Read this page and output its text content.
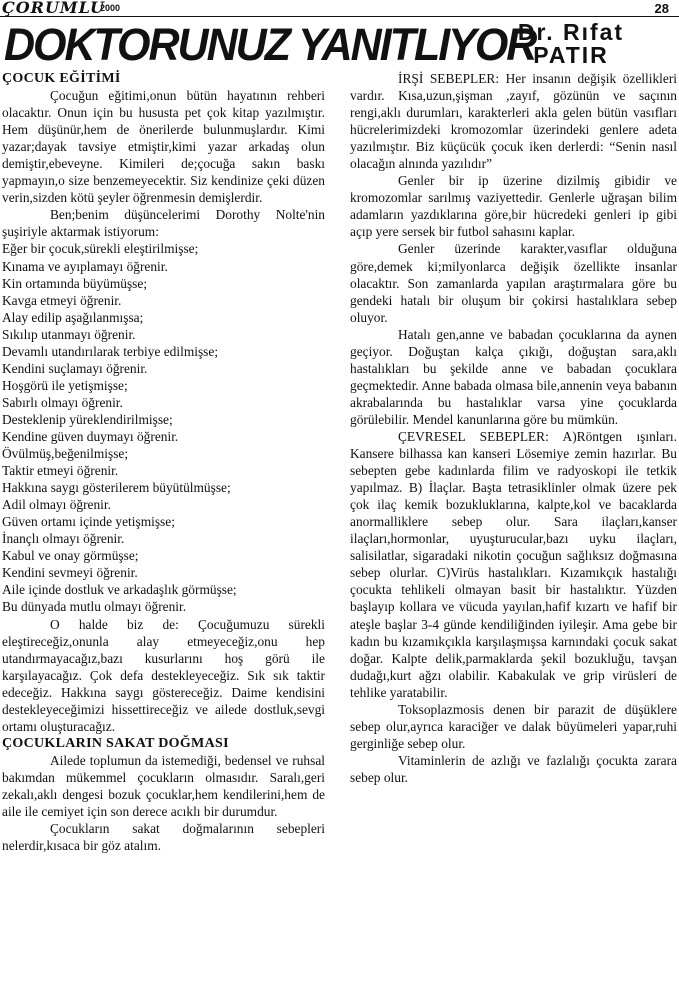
ÇORUMLU
2000	28
DOKTORUNUZ YANITLIYOR
Dr. Rıfat
PATIR
ÇOCUK EĞİTİMİ

Çocuğun eğitimi,onun bütün hayatının rehberi olacaktır. Onun için bu hususta pet çok kitap yazılmıştır. Hem düşünür,hem de önerilerde bulunmuşlardır. Kimi yazar;dayak tavsiye etmiştir,kimi yazar arkadaş olun demiştir,ebeveyne. Kimileri de;çocuğa sakın baskı yapmayın,o size benzemeyecektir. Siz kendinize çeki düzen verin,sizden kötü şeyler öğrenmesin demişlerdir.

Ben;benim düşüncelerimi Dorothy Nolte'nin şuşiriyle aktarmak istiyorum:

Eğer bir çocuk,sürekli eleştirilmişse;
Kınama ve ayıplamayı öğrenir.
Kin ortamında büyümüşse;
Kavga etmeyi öğrenir.
Alay edilip aşağılanmışsa;
Sıkılıp utanmayı öğrenir.
Devamlı utandırılarak terbiye edilmişse;
Kendini suçlamayı öğrenir.
Hoşgörü ile yetişmişse;
Sabırlı olmayı öğrenir.
Desteklenip yüreklendirilmişse;
Kendine güven duymayı öğrenir.
Övülmüş,beğenilmişse;
Taktir etmeyi öğrenir.
Hakkına saygı gösterilerem büyütülmüşse;
Adil olmayı öğrenir.
Güven ortamı içinde yetişmişse;
İnançlı olmayı öğrenir.
Kabul ve onay görmüşse;
Kendini sevmeyi öğrenir.
Aile içinde dostluk ve arkadaşlık görmüşse;
Bu dünyada mutlu olmayı öğrenir.

O halde biz de: Çocuğumuzu sürekli eleştireceğiz,onunla alay etmeyeceğiz,onu hep utandırmayacağız,bazı kusurlarını hoş görü ile karşılayacağız. Çok defa destekleyeceğiz. Sık sık taktir edeceğiz. Hakkına saygı göstereceğiz. Daime kendisini destekleyeceğimizi hissettireceğiz ve ailede dostluk,sevgi ortamı oluşturacağız.

ÇOCUKLARIN SAKAT DOĞMASI

Ailede toplumun da istemediği, bedensel ve ruhsal bakımdan mükemmel çocukların olmasıdır. Saralı,geri zekalı,aklı dengesi bozuk çocuklar,hem kendilerini,hem de aile ile cemiyet için son derece acıklı bir durumdur.

Çocukların sakat doğmalarının sebepleri nelerdir,kısaca bir göz atalım.

İRŞİ SEBEPLER: Her insanın değişik özellikleri vardır. Kısa,uzun,şişman ,zayıf, gözünün ve saçının rengi,aklı durumları, karakterleri akla gelen bütün vasıfları hücrelerimizdeki kromozomlar üzerindeki genlere adeta yazılmıştır. Biz küçücük çocuk iken derlerdi: “Senin nasıl olacağın alnında yazılıdır”

Genler bir ip üzerine dizilmiş gibidir ve kromozomlar sarılmış vaziyettedir. Genlerle uğraşan bilim adamların yazdıklarına göre,bir hücredeki genleri ip gibi açıp yere sersek bir futbol sahasını kaplar.

Genler üzerinde karakter,vasıflar olduğuna göre,demek ki;milyonlarca değişik özellikte insanlar olacaktır. Son zamanlarda yapılan araştırmalara göre bu gendeki hatalı bir oluşum bir çokirsi hastalıklara sebep oluyor.

Hatalı gen,anne ve babadan çocuklarına da aynen geçiyor. Doğuştan kalça çıkığı, doğuştan sara,aklı hastalıkları bu şekilde anne ve babadan çocuklara geçmektedir. Anne babada olmasa bile,annenin veya babanın akrabalarında bu hastalıklar varsa yine çocuklarda görülebilir. Mendel kanunlarına göre bu mümkün.

ÇEVRESEL SEBEPLER: A)Röntgen ışınları. Kansere bilhassa kan kanseri Lösemiye zemin hazırlar. Bu sebepten gebe kadınlarda filim ve radyoskopi ile tetkik yapılmaz. B) İlaçlar. Başta tetrasiklinler olmak üzere pek çok ilaç kemik bozukluklarına, kalpte,kol ve bacaklarda anormalliklere sebep olur. Sara ilaçları,kanser ilaçları,hormonlar, uyuşturucular,bazı uyku ilaçları, salisilatlar, sigaradaki nikotin çocuğun sağlıksız doğmasına sebep olurlar. C)Virüs hastalıkları. Kızamıkçık hastalığı çocukta tehlikeli olmayan basit bir hastalıktır. Yüzden başlayıp kollara ve vücuda yayılan,hafif kızartı ve hafif bir ateşle başlar 3-4 günde kendiliğinden iyileşir. Ama gebe bir kadın bu kızamıkçıkla karşılaşmışsa karnındaki çocuk sakat doğar. Kalpte delik,parmaklarda şekil bozukluğu, tavşan dudağı,kurt ağzı olabilir. Kabakulak ve grip virüsleri de tehlike yaratabilir.

Toksoplazmosis denen bir parazit de düşüklere sebep olur,ayrıca karaciğer ve dalak büyümeleri yapar,ruhi gerginliğe sebep olur.

Vitaminlerin de azlığı ve fazlalığı çocukta zarara sebep olur.
